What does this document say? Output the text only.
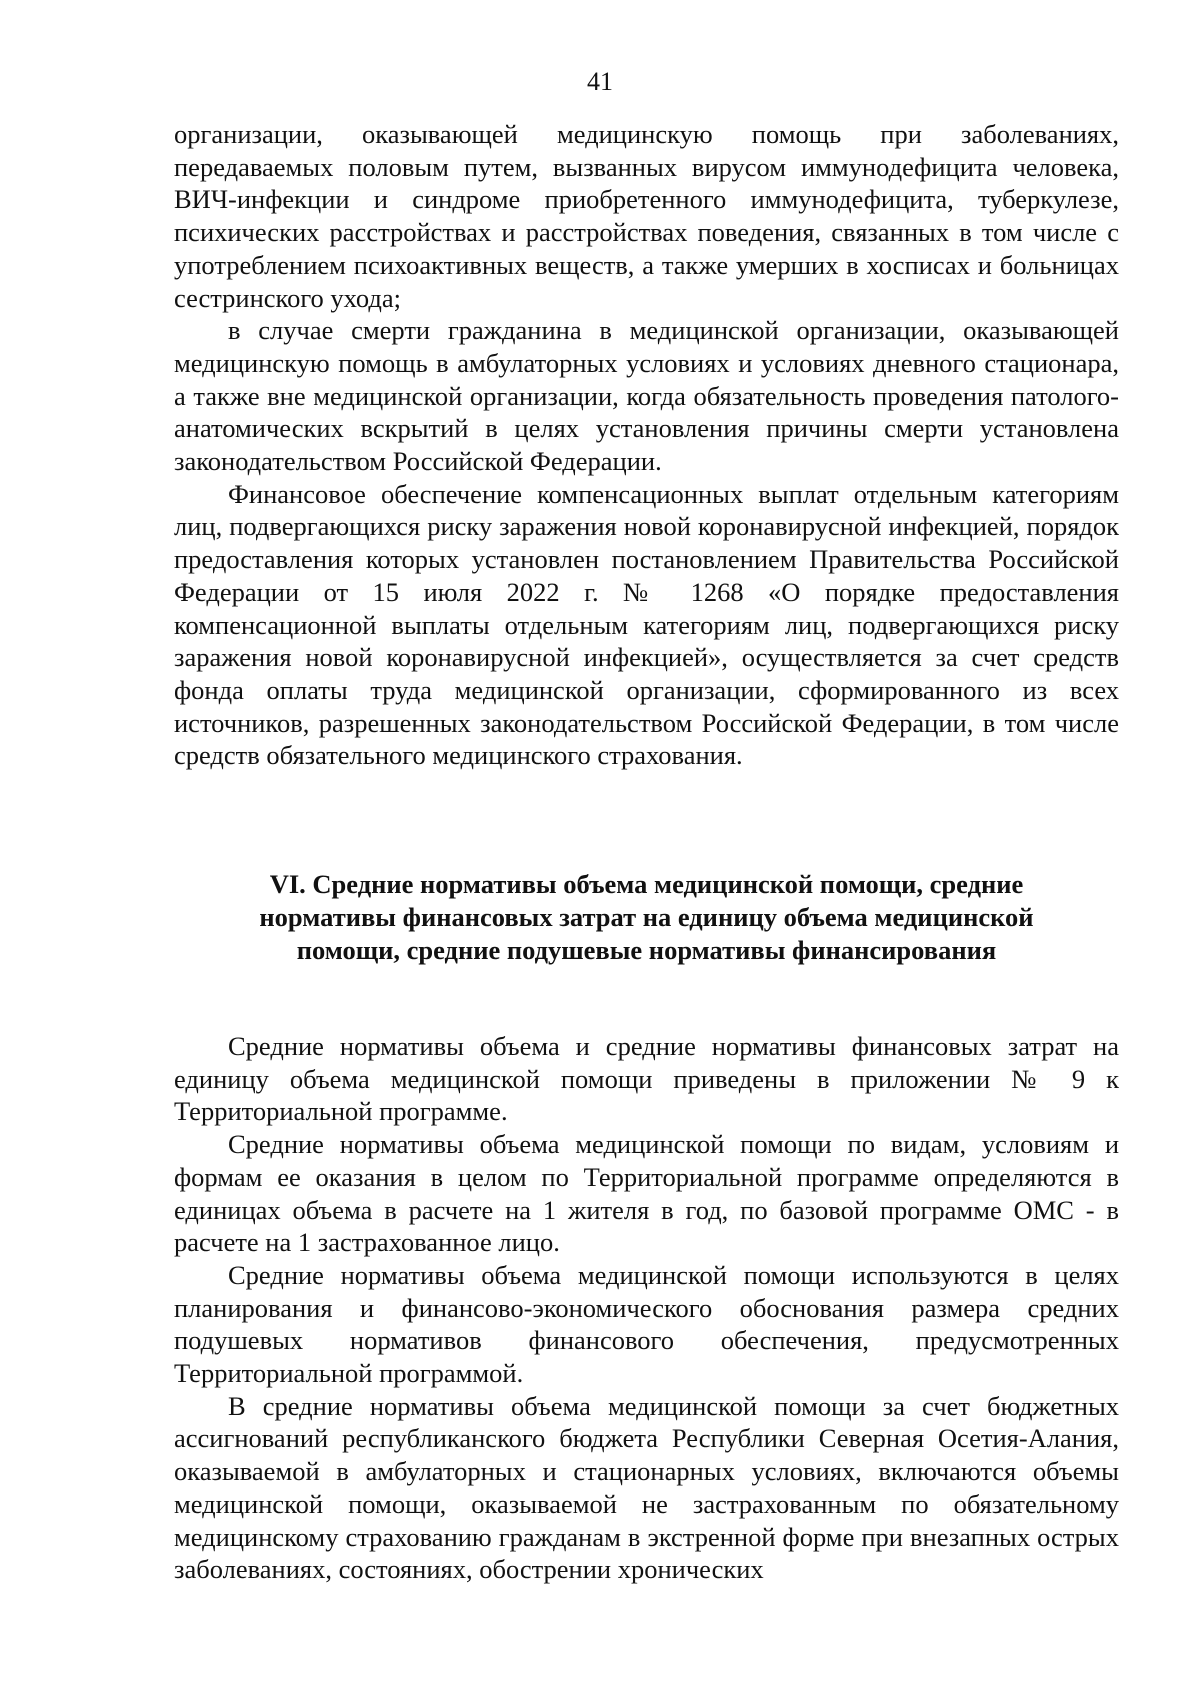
41

организации, оказывающей медицинскую помощь при заболеваниях, передаваемых половым путем, вызванных вирусом иммунодефицита человека, ВИЧ-инфекции и синдроме приобретенного иммунодефицита, туберкулезе, психических расстройствах и расстройствах поведения, связанных в том числе с употреблением психоактивных веществ, а также умерших в хосписах и больницах сестринского ухода;

в случае смерти гражданина в медицинской организации, оказывающей медицинскую помощь в амбулаторных условиях и условиях дневного стационара, а также вне медицинской организации, когда обязательность проведения патолого-анатомических вскрытий в целях установления причины смерти установлена законодательством Российской Федерации.

Финансовое обеспечение компенсационных выплат отдельным категориям лиц, подвергающихся риску заражения новой коронавирусной инфекцией, порядок предоставления которых установлен постановлением Правительства Российской Федерации от 15 июля 2022 г. № 1268 «О порядке предоставления компенсационной выплаты отдельным категориям лиц, подвергающихся риску заражения новой коронавирусной инфекцией», осуществляется за счет средств фонда оплаты труда медицинской организации, сформированного из всех источников, разрешенных законодательством Российской Федерации, в том числе средств обязательного медицинского страхования.

VI. Средние нормативы объема медицинской помощи, средние
нормативы финансовых затрат на единицу объема медицинской
помощи, средние подушевые нормативы финансирования

Средние нормативы объема и средние нормативы финансовых затрат на единицу объема медицинской помощи приведены в приложении № 9 к Территориальной программе.

Средние нормативы объема медицинской помощи по видам, условиям и формам ее оказания в целом по Территориальной программе определяются в единицах объема в расчете на 1 жителя в год, по базовой программе ОМС - в расчете на 1 застрахованное лицо.

Средние нормативы объема медицинской помощи используются в целях планирования и финансово-экономического обоснования размера средних подушевых нормативов финансового обеспечения, предусмотренных Территориальной программой.

В средние нормативы объема медицинской помощи за счет бюджетных ассигнований республиканского бюджета Республики Северная Осетия-Алания, оказываемой в амбулаторных и стационарных условиях, включаются объемы медицинской помощи, оказываемой не застрахованным по обязательному медицинскому страхованию гражданам в экстренной форме при внезапных острых заболеваниях, состояниях, обострении хронических
